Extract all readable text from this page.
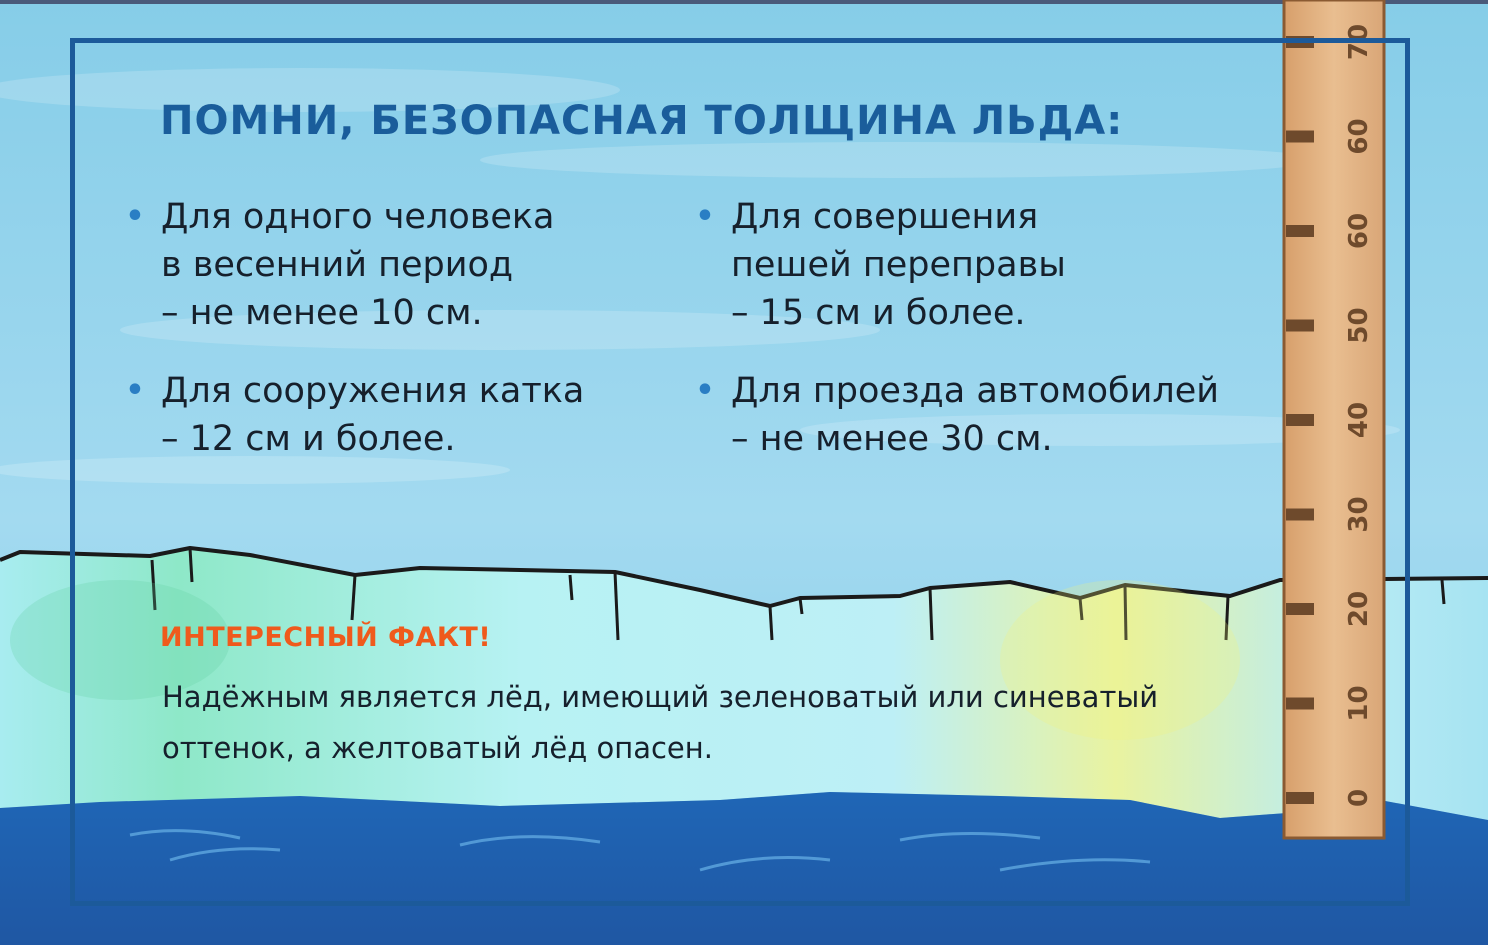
0
10
20
30
40
50
60
60
70
ПОМНИ, БЕЗОПАСНАЯ ТОЛЩИНА ЛЬДА:
• Для одного человека
в весенний период
– не менее 10 см.
• Для совершения
пешей переправы
– 15 см и более.
• Для сооружения катка
– 12 см и более.
• Для проезда автомобилей
– не менее 30 см.
ИНТЕРЕСНЫЙ ФАКТ!
Надёжным является лёд, имеющий зеленоватый или синеватый
оттенок, а желтоватый лёд опасен.
